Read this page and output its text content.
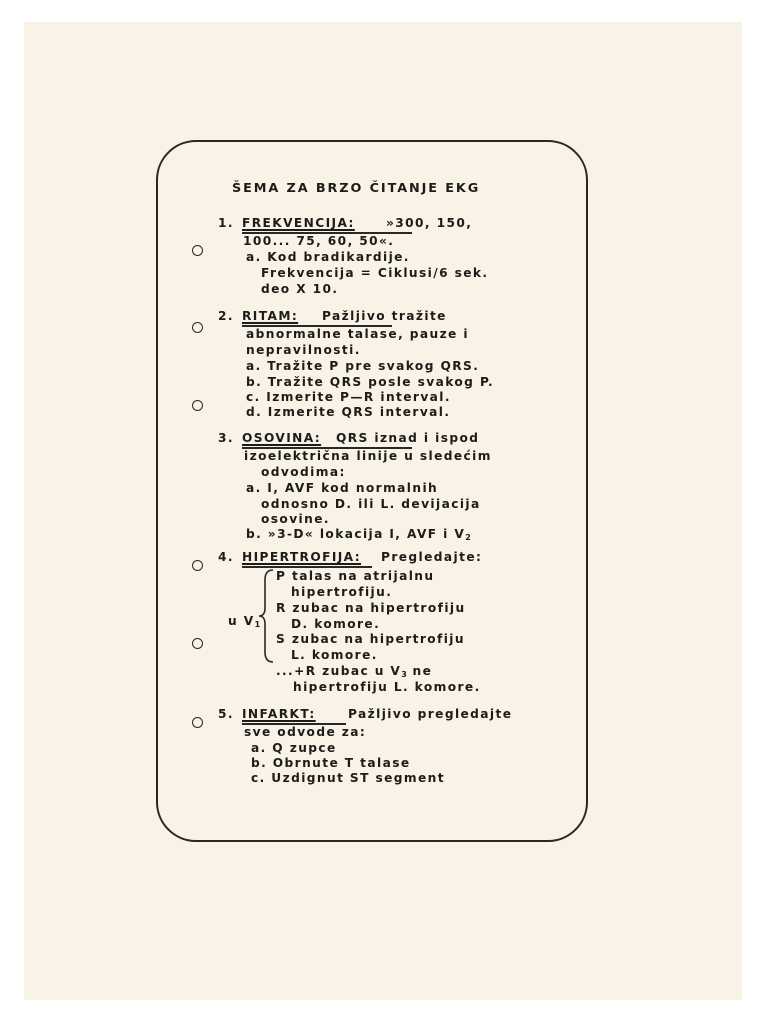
ŠEMA ZA BRZO ČITANJE EKG
1. FREKVENCIJA:	»300, 150,
100... 75, 60, 50«.
a. Kod bradikardije.
Frekvencija = Ciklusi/6 sek.
deo X 10.
2. RITAM: Pažljivo tražite
abnormalne talase, pauze i
nepravilnosti.
a. Tražite P pre svakog QRS.
b. Tražite QRS posle svakog P.
c. Izmerite P—R interval.
d. Izmerite QRS interval.
3. OSOVINA: QRS iznad i ispod
izoelektrična linije u sledećim
odvodima:
a. I, AVF kod normalnih
odnosno D. ili L. devijacija
osovine.
b. »3-D« lokacija I, AVF i $V_2$
4. HIPERTROFIJA: Pregledajte:
u $V_1$
P talas na atrijalnu
hipertrofiju.
R zubac na hipertrofiju
D. komore.
S zubac na hipertrofiju
L. komore.
...+R zubac u $V_3$ ne
hipertrofiju L. komore.
5. INFARKT:	Pažljivo pregledajte
sve odvode za:
a. Q zupce
b. Obrnute T talase
c. Uzdignut ST segment
